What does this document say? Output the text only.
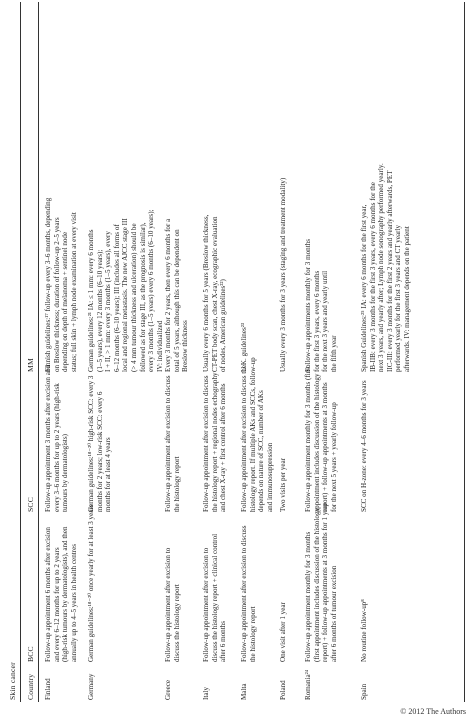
Skin cancer Country
BCC
SCC
MM
Finland
Follow-up appointment 6 months after excision and every 6–12 months for up to 2 years (high-risk tumours by dermatologists), and then annually up to 4–5 years in health centres
Follow-up appointment 3 months after excision and every 3–6 months for up to 2 years (high-risk tumours by dermatologists)
Finnish guidelines:¹⁷ follow-up every 3–6 months, depending on Breslow thickness; duration of follow-up 2–5 years depending on depth of melanoma + sentinel node status; full skin + lymph node examination at every visit
Germany
German guidelines:¹⁸⁻²⁰ once yearly for at least 3 years
German guidelines:¹⁸⁻²⁰ high-risk SCC: every 3 months for 2 years; low-risk SCC: every 6 months for at least 4 years
German guidelines:²¹ IA: ≤ 1 mm: every 6 months (1–5 years), every 12 months (6–10 years); I + II, > 1 mm: every 3 months (1–5 years), every 6–12 months (6–10 years); III (includes all forms of local and regional metastasis. The new AJCC stage III (> 4 mm tumour thickness and ulceration) should be followed as for stage III, as the prognosis is similar), every 3 months (1–5 years) every 6 months (6–10 years); IV: individualized
Greece
Follow-up appointment after excision to discuss the histology report
Follow-up appointment after excision to discuss the histology report
Every 3 months for 2 years, then every 6 months for a total of 5 years, although this can be dependent on Breslow thickness
Italy
Follow-up appointment after excision to discuss the histology report + clinical control after 6 months
Follow-up appointment after excision to discuss the histology report + regional nodes echography and chest X-ray + first control after 6 months
Usually every 6 months for 5 years (Breslow thickness, CT-PET body scan, chest X-ray, ecographic evaluation of nodes, American guidelines²²)
Malta
Follow-up appointment after excision to discuss the histology report
Follow-up appointment after excision to discuss the histology report. If multiple AKs and SCCs, follow-up depends on nature of SCC, number of AKs and immunosuppression
U.K. guidelines²³
Poland
One visit after 1 year
Two visits per year
Usually every 3 months for 3 years (staging and treatment modality)
Romania²⁴
Follow-up appointment monthly for 3 months (first appointment includes discussion of the histology report) + follow-up appointments at 3 months for 1 year after 6 months of tumour excision
Follow-up appointment monthly for 3 months (first appointment includes discussion of the histology report) + follow-up appointments at 3 months for the next 5 years + yearly follow-up
Follow-up appointments monthly for 3 months for the first 3 years, every 6 months for the next 3 years and yearly until the fifth year
Spain
No routine follow-up⁸
SCC on H-zone: every 4–6 months for 3 years
Spanish Guidelines:²⁵ IA: every 6 months for the first year, IB-IIB: every 3 months for the first 3 years, every 6 months for the next 3 years, and yearly after; Lymph node sonography performed yearly. IIC-III: every 3 months for the first 2 years and yearly afterwards, PET performed yearly for the first 3 years and CT yearly afterwards. IV: management depends on the patient
© 2012 The Authors
